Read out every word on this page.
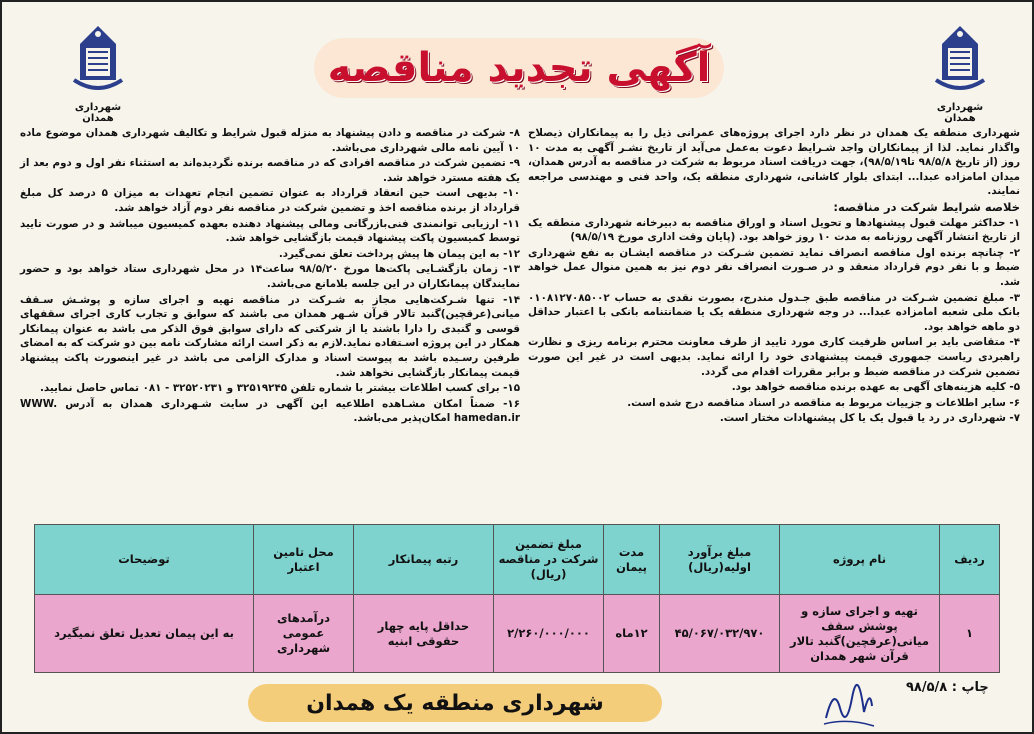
شهرداری همدان
شهرداری همدان
آگهی تجدید مناقصه

شهرداری منطقه یک همدان در نظر دارد اجرای پروژه‌های عمرانی ذیل را به پیمانکاران ذیصلاح واگذار نماید. لذا از پیمانکاران واجد شـرایط دعوت به‌عمل می‌آید از تاریخ نشـر آگهی به مدت ۱۰ روز (از تاریخ ۹۸/۵/۸ تا۹۸/۵/۱۹)، جهت دریافت اسناد مربوط به شرکت در مناقصه به آدرس همدان، میدان امامزاده عبدا... ابتدای بلوار کاشانی، شهرداری منطقه یک، واحد فنی و مهندسی مراجعه نمایند.

خلاصه شرایط شرکت در مناقصه:

۱- حداکثر مهلت قبول پیشنهادها و تحویل اسناد و اوراق مناقصه به دبیرخانه شهرداری منطقه یک از تاریخ انتشار آگهی روزنامه به مدت ۱۰ روز خواهد بود. (پایان وقت اداری مورخ ۹۸/۵/۱۹)

۲- چنانچه برنده اول مناقصه انصراف نماید تضمین شـرکت در مناقصه ایشـان به نفع شهرداری ضبط و با نفر دوم قرارداد منعقد و در صـورت انصراف نفر دوم نیز به همین منوال عمل خواهد شد.

۳- مبلغ تضمین شـرکت در مناقصه طبق جـدول مندرج، بصورت نقدی به حساب ۰۱۰۸۱۲۷۰۸۵۰۰۲ بانک ملی شعبه امامزاده عبدا... در وجه شهرداری منطقه یک یا ضمانتنامه بانکی با اعتبار حداقل دو ماهه خواهد بود.

۴- متقاضی باید بر اساس ظرفیت کاری مورد تایید از طرف معاونت محترم برنامه ریزی و نظارت راهبردی ریاست جمهوری قیمت پیشنهادی خود را ارائه نماید. بدیهی است در غیر این صورت تضمین شرکت در مناقصه ضبط و برابر مقررات اقدام می گردد.

۵- کلیه هزینه‌های آگهی به عهده برنده مناقصه خواهد بود.

۶- سایر اطلاعات و جزییات مربوط به مناقصه در اسناد مناقصه درج شده است.

۷- شهرداری در رد یا قبول یک یا کل پیشنهادات مختار است.

۸- شرکت در مناقصه و دادن پیشنهاد به منزله قبول شرایط و تکالیف شهرداری همدان موضوع ماده ۱۰ آیین نامه مالی شهرداری می‌باشد.

۹- تضمین شرکت در مناقصه افرادی که در مناقصه برنده نگردیده‌اند به استثناء نفر اول و دوم بعد از یک هفته مسترد خواهد شد.

۱۰- بدیهی است حین انعقاد قرارداد به عنوان تضمین انجام تعهدات به میزان ۵ درصد کل مبلغ قرارداد از برنده مناقصه اخذ و تضمین شرکت در مناقصه نفر دوم آزاد خواهد شد.

۱۱- ارزیابی توانمندی فنی‌بازرگانی ومالی پیشنهاد دهنده بعهده کمیسیون میباشد و در صورت تایید توسط کمیسیون پاکت پیشنهاد قیمت بازگشایی خواهد شد.

۱۲- به این پیمان ها پیش پرداخت تعلق نمی‌گیرد.

۱۳- زمان بازگشـایی پاکت‌ها مورخ ۹۸/۵/۲۰ ساعت۱۴ در محل شهرداری ستاد خواهد بود و حضور نمایندگان پیمانکاران در این جلسه بلامانع می‌باشد.

۱۴- تنها شـرکت‌هایی مجاز به شـرکت در مناقصه تهیه و اجرای سازه و پوشـش سـقف میانی(عرقچین)گنبد تالار قرآن شـهر همدان می باشند که سوابق و تجارب کاری اجرای سقفهای قوسی و گنبدی را دارا باشند یا از شرکتی که دارای سوابق فوق الذکر می باشد به عنوان پیمانکار همکار در این پروژه اسـتفاده نماید.لازم به ذکر است ارائه مشارکت نامه بین دو شرکت که به امضای طرفین رسـیده باشد به پیوست اسناد و مدارک الزامی می باشد در غیر اینصورت پاکت پیشنهاد قیمت پیمانکار بازگشایی نخواهد شد.

۱۵- برای کسب اطلاعات بیشتر با شماره تلفن ۳۲۵۱۹۲۴۵ و ۳۲۵۲۰۲۳۱ - ۰۸۱ تماس حاصل نمایید.

۱۶- ضمناً امکان مشـاهده اطلاعیه این آگهی در سایت شـهرداری همدان به آدرس WWW. hamedan.ir امکان‌پذیر می‌باشد.

ردیف	نام پروژه	مبلغ برآورد اولیه(ریال)	مدت پیمان	مبلغ تضمین شرکت در مناقصه (ریال)	رتبه پیمانکار	محل تامین اعتبار	توضیحات
۱	تهیه و اجرای سازه و پوشش سقف میانی(عرقچین)گنبد تالار قرآن شهر همدان	۴۵/۰۶۷/۰۳۲/۹۷۰	۱۲ماه	۲/۲۶۰/۰۰۰/۰۰۰	حداقل پایه چهار حقوقی ابنیه	درآمدهای عمومی شهرداری	به این پیمان تعدیل تعلق نمیگیرد
چاپ : ۹۸/۵/۸
شهرداری منطقه یک همدان
